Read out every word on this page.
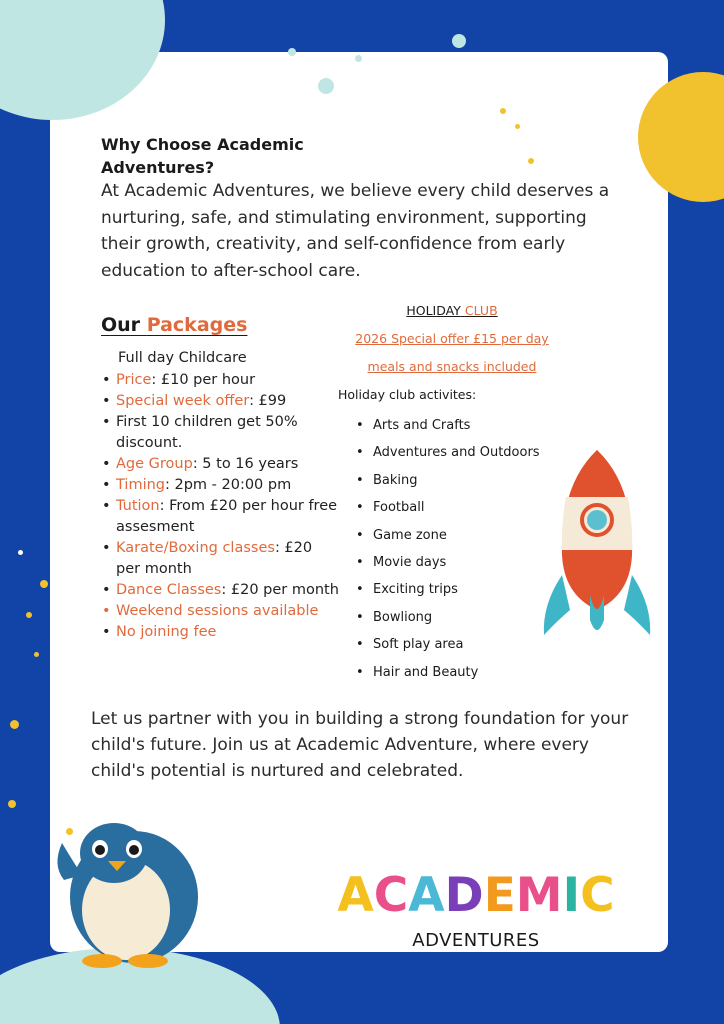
Why Choose Academic Adventures?
At Academic Adventures, we believe every child deserves a nurturing, safe, and stimulating environment, supporting their growth, creativity, and self-confidence from early education to after-school care.
Our Packages
Full day Childcare
• Price: £10 per hour
• Special week offer: £99
• First 10 children get 50% discount.
• Age Group: 5 to 16 years
• Timing: 2pm - 20:00 pm
• Tution: From £20 per hour free assesment
• Karate/Boxing classes: £20 per month
• Dance Classes: £20 per month
• Weekend sessions available
• No joining fee
HOLIDAY CLUB
2026 Special offer £15 per day
meals and snacks included
Holiday club activites:
• Arts and Crafts
• Adventures and Outdoors
• Baking
• Football
• Game zone
• Movie days
• Exciting trips
• Bowliong
• Soft play area
• Hair and Beauty
Let us partner with you in building a strong foundation for your child's future. Join us at Academic Adventure, where every child's potential is nurtured and celebrated.
ACADEMIC
ADVENTURES
